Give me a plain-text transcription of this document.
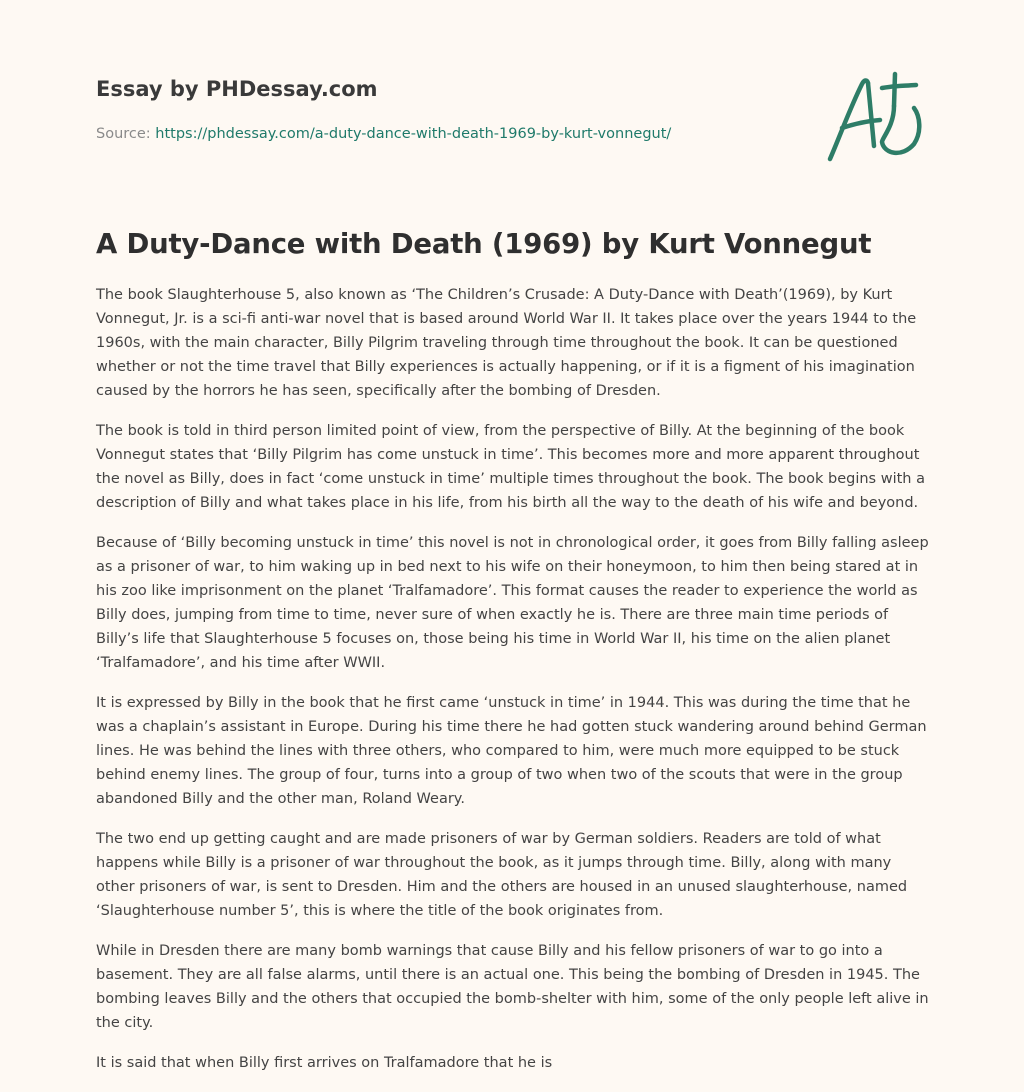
Essay by PHDessay.com
Source: https://phdessay.com/a-duty-dance-with-death-1969-by-kurt-vonnegut/
A Duty-Dance with Death (1969) by Kurt Vonnegut

The book Slaughterhouse 5, also known as ‘The Children’s Crusade: A Duty-Dance with Death’(1969), by Kurt Vonnegut, Jr. is a sci-fi anti-war novel that is based around World War II. It takes place over the years 1944 to the 1960s, with the main character, Billy Pilgrim traveling through time throughout the book. It can be questioned whether or not the time travel that Billy experiences is actually happening, or if it is a figment of his imagination caused by the horrors he has seen, specifically after the bombing of Dresden.

The book is told in third person limited point of view, from the perspective of Billy. At the beginning of the book Vonnegut states that ‘Billy Pilgrim has come unstuck in time’. This becomes more and more apparent throughout the novel as Billy, does in fact ‘come unstuck in time’ multiple times throughout the book. The book begins with a description of Billy and what takes place in his life, from his birth all the way to the death of his wife and beyond.

Because of ‘Billy becoming unstuck in time’ this novel is not in chronological order, it goes from Billy falling asleep as a prisoner of war, to him waking up in bed next to his wife on their honeymoon, to him then being stared at in his zoo like imprisonment on the planet ‘Tralfamadore’. This format causes the reader to experience the world as Billy does, jumping from time to time, never sure of when exactly he is. There are three main time periods of Billy’s life that Slaughterhouse 5 focuses on, those being his time in World War II, his time on the alien planet ‘Tralfamadore’, and his time after WWII.

It is expressed by Billy in the book that he first came ‘unstuck in time’ in 1944. This was during the time that he was a chaplain’s assistant in Europe. During his time there he had gotten stuck wandering around behind German lines. He was behind the lines with three others, who compared to him, were much more equipped to be stuck behind enemy lines. The group of four, turns into a group of two when two of the scouts that were in the group abandoned Billy and the other man, Roland Weary.

The two end up getting caught and are made prisoners of war by German soldiers. Readers are told of what happens while Billy is a prisoner of war throughout the book, as it jumps through time. Billy, along with many other prisoners of war, is sent to Dresden. Him and the others are housed in an unused slaughterhouse, named ‘Slaughterhouse number 5’, this is where the title of the book originates from.

While in Dresden there are many bomb warnings that cause Billy and his fellow prisoners of war to go into a basement. They are all false alarms, until there is an actual one. This being the bombing of Dresden in 1945. The bombing leaves Billy and the others that occupied the bomb-shelter with him, some of the only people left alive in the city.

It is said that when Billy first arrives on Tralfamadore that he is
